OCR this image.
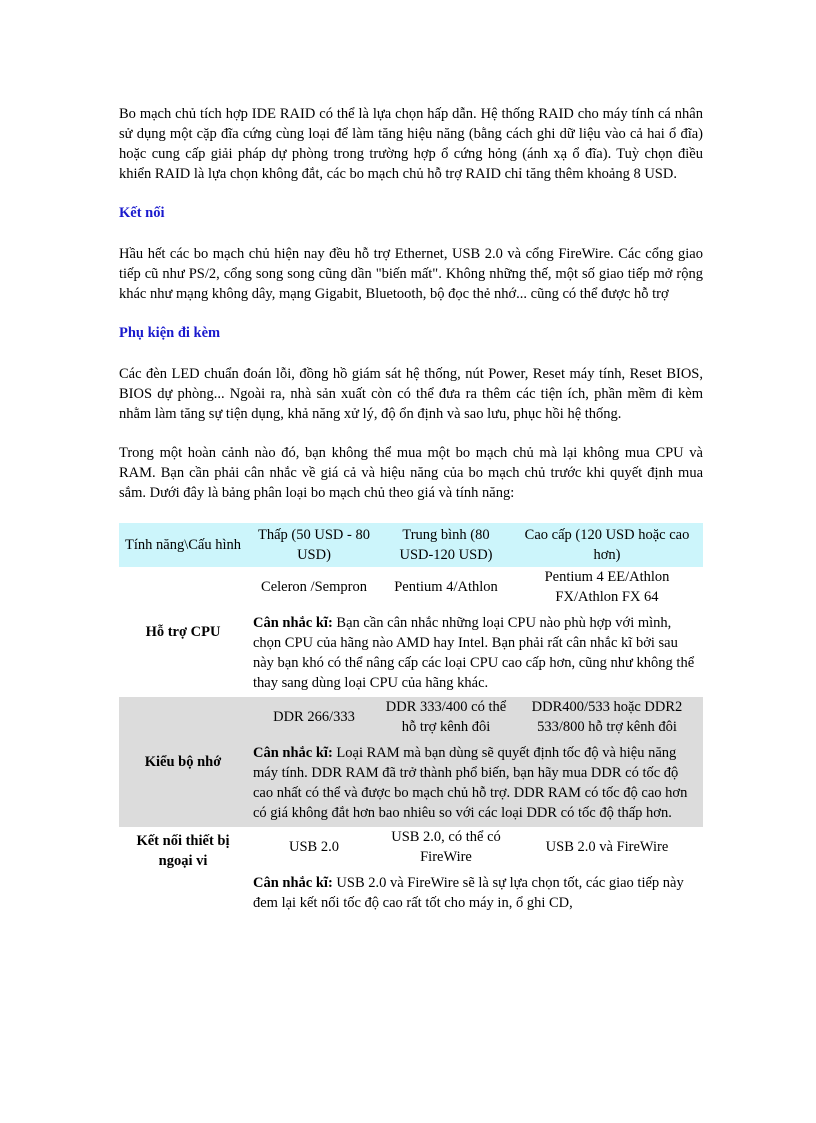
Bo mạch chủ tích hợp IDE RAID có thể là lựa chọn hấp dẫn. Hệ thống RAID cho máy tính cá nhân sử dụng một cặp đĩa cứng cùng loại để làm tăng hiệu năng (bằng cách ghi dữ liệu vào cả hai ổ đĩa) hoặc cung cấp giải pháp dự phòng trong trường hợp ổ cứng hỏng (ánh xạ ổ đĩa). Tuỳ chọn điều khiển RAID là lựa chọn không đắt, các bo mạch chủ hỗ trợ RAID chỉ tăng thêm khoảng 8 USD.

Kết nối

Hầu hết các bo mạch chủ hiện nay đều hỗ trợ Ethernet, USB 2.0 và cổng FireWire. Các cổng giao tiếp cũ như PS/2, cổng song song cũng dần "biến mất". Không những thế, một số giao tiếp mở rộng khác như mạng không dây, mạng Gigabit, Bluetooth, bộ đọc thẻ nhớ... cũng có thể được hỗ trợ

Phụ kiện đi kèm

Các đèn LED chuẩn đoán lỗi, đồng hồ giám sát hệ thống, nút Power, Reset máy tính, Reset BIOS, BIOS dự phòng... Ngoài ra, nhà sản xuất còn có thể đưa ra thêm các tiện ích, phần mềm đi kèm nhằm làm tăng sự tiện dụng, khả năng xử lý, độ ổn định và sao lưu, phục hồi hệ thống.

Trong một hoàn cảnh nào đó, bạn không thể mua một bo mạch chủ mà lại không mua CPU và RAM. Bạn cần phải cân nhắc về giá cả và hiệu năng của bo mạch chủ trước khi quyết định mua sắm. Dưới đây là bảng phân loại bo mạch chủ theo giá và tính năng:

Tính năng\Cấu hình	Thấp (50 USD - 80 USD)	Trung bình (80 USD-120 USD)	Cao cấp (120 USD hoặc cao hơn)
Hỗ trợ CPU	Celeron /Sempron	Pentium 4/Athlon	Pentium 4 EE/Athlon FX/Athlon FX 64
	Cân nhắc kĩ: Bạn cần cân nhắc những loại CPU nào phù hợp với mình, chọn CPU của hãng nào AMD hay Intel. Bạn phải rất cân nhắc kĩ bởi sau này bạn khó có thể nâng cấp các loại CPU cao cấp hơn, cũng như không thể thay sang dùng loại CPU của hãng khác.		
Kiểu bộ nhớ	DDR 266/333	DDR 333/400 có thể hỗ trợ kênh đôi	DDR400/533 hoặc DDR2 533/800 hỗ trợ kênh đôi
	Cân nhắc kĩ: Loại RAM mà bạn dùng sẽ quyết định tốc độ và hiệu năng máy tính. DDR RAM đã trở thành phổ biến, bạn hãy mua DDR có tốc độ cao nhất có thể và được bo mạch chủ hỗ trợ. DDR RAM có tốc độ cao hơn có giá không đắt hơn bao nhiêu so với các loại DDR có tốc độ thấp hơn.		
Kết nối thiết bị ngoại vi	USB 2.0	USB 2.0, có thể có FireWire	USB 2.0 và FireWire
	Cân nhắc kĩ: USB 2.0 và FireWire sẽ là sự lựa chọn tốt, các giao tiếp này đem lại kết nối tốc độ cao rất tốt cho máy in, ổ ghi CD,		
